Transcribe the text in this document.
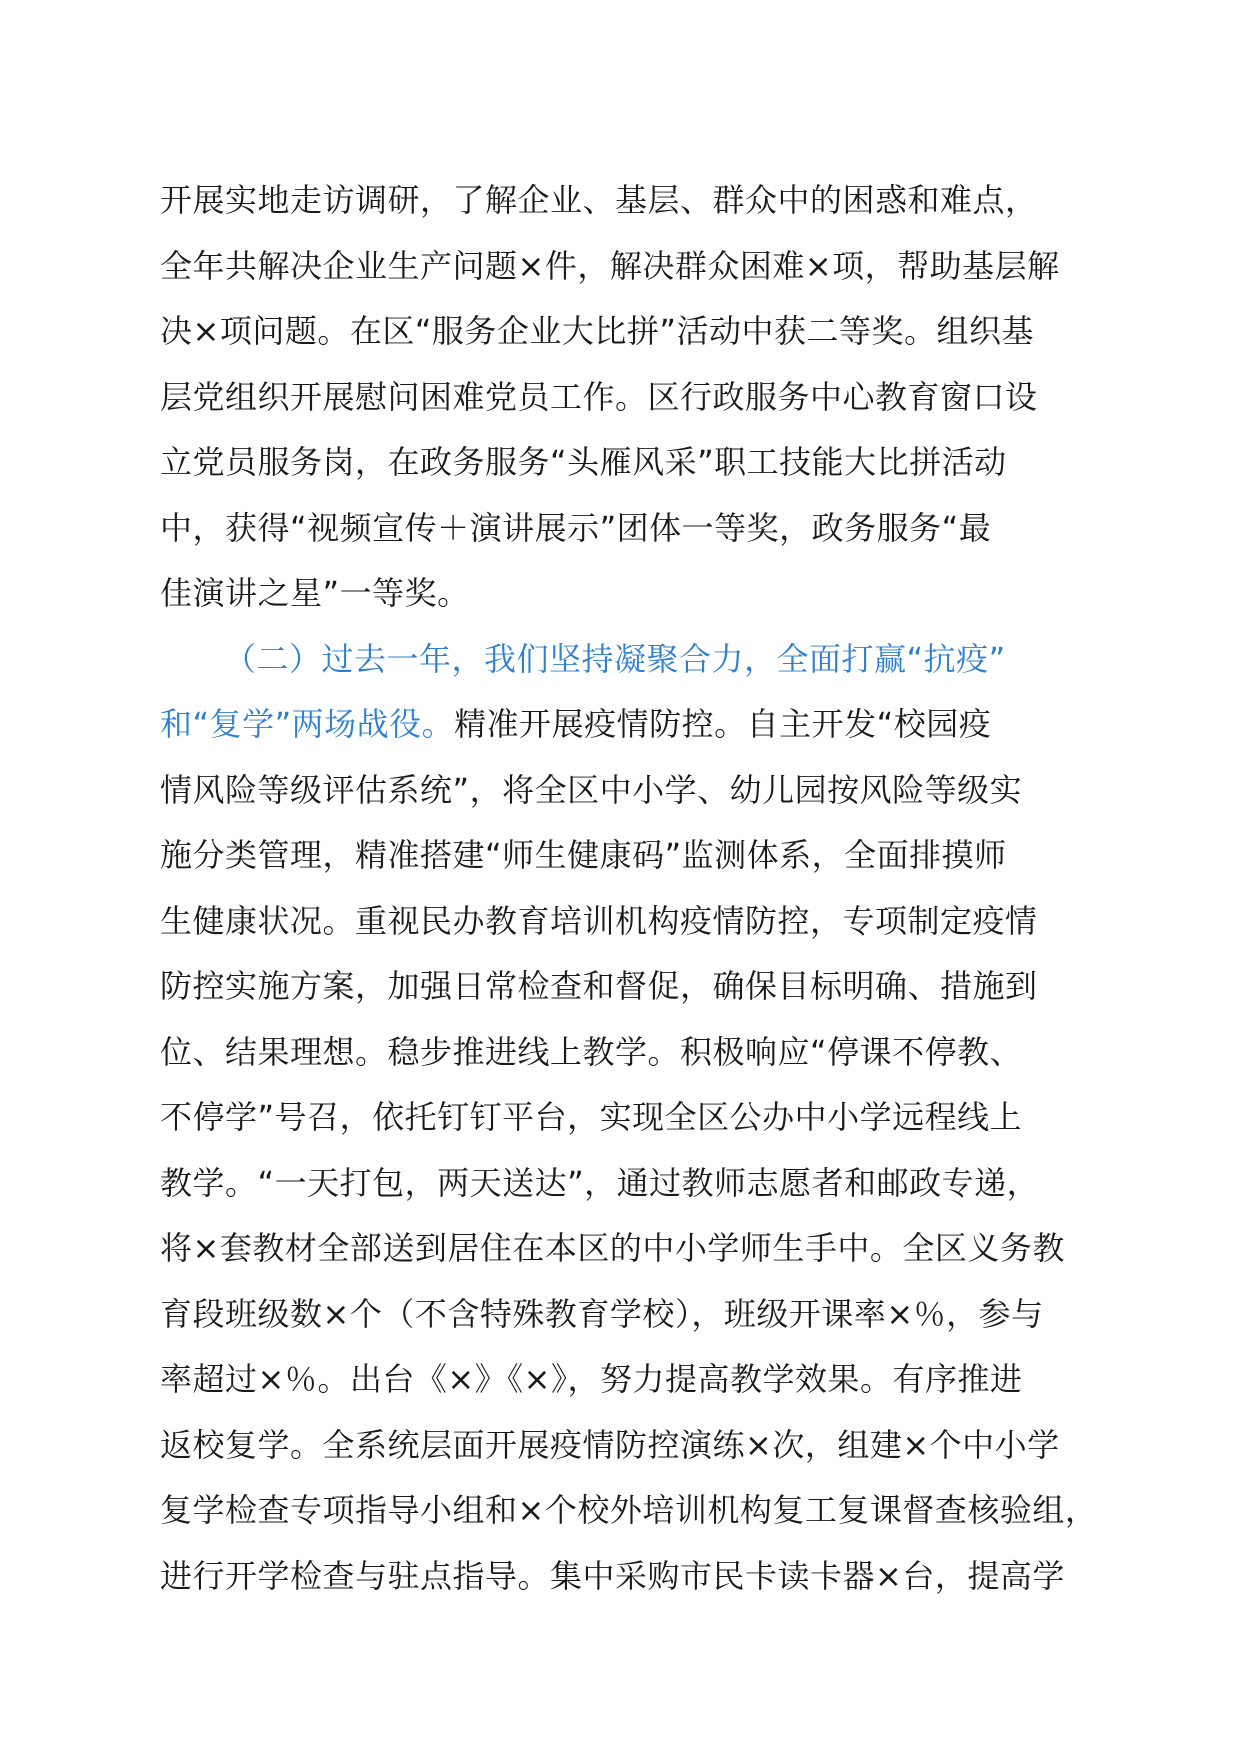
开展实地走访调研，了解企业、基层、群众中的困惑和难点，
全年共解决企业生产问题×件，解决群众困难×项，帮助基层解
决×项问题。在区“服务企业大比拼”活动中获二等奖。组织基
层党组织开展慰问困难党员工作。区行政服务中心教育窗口设
立党员服务岗，在政务服务“头雁风采”职工技能大比拼活动
中，获得“视频宣传＋演讲展示”团体一等奖，政务服务“最
佳演讲之星”一等奖。
（二）过去一年，我们坚持凝聚合力，全面打赢“抗疫”
和“复学”两场战役。精准开展疫情防控。自主开发“校园疫
情风险等级评估系统”，将全区中小学、幼儿园按风险等级实
施分类管理，精准搭建“师生健康码”监测体系，全面排摸师
生健康状况。重视民办教育培训机构疫情防控，专项制定疫情
防控实施方案，加强日常检查和督促，确保目标明确、措施到
位、结果理想。稳步推进线上教学。积极响应“停课不停教、
不停学”号召，依托钉钉平台，实现全区公办中小学远程线上
教学。“一天打包，两天送达”，通过教师志愿者和邮政专递，
将×套教材全部送到居住在本区的中小学师生手中。全区义务教
育段班级数×个（不含特殊教育学校），班级开课率×％，参与
率超过×％。出台《×》《×》，努力提高教学效果。有序推进
返校复学。全系统层面开展疫情防控演练×次，组建×个中小学
复学检查专项指导小组和×个校外培训机构复工复课督查核验组，
进行开学检查与驻点指导。集中采购市民卡读卡器×台，提高学
